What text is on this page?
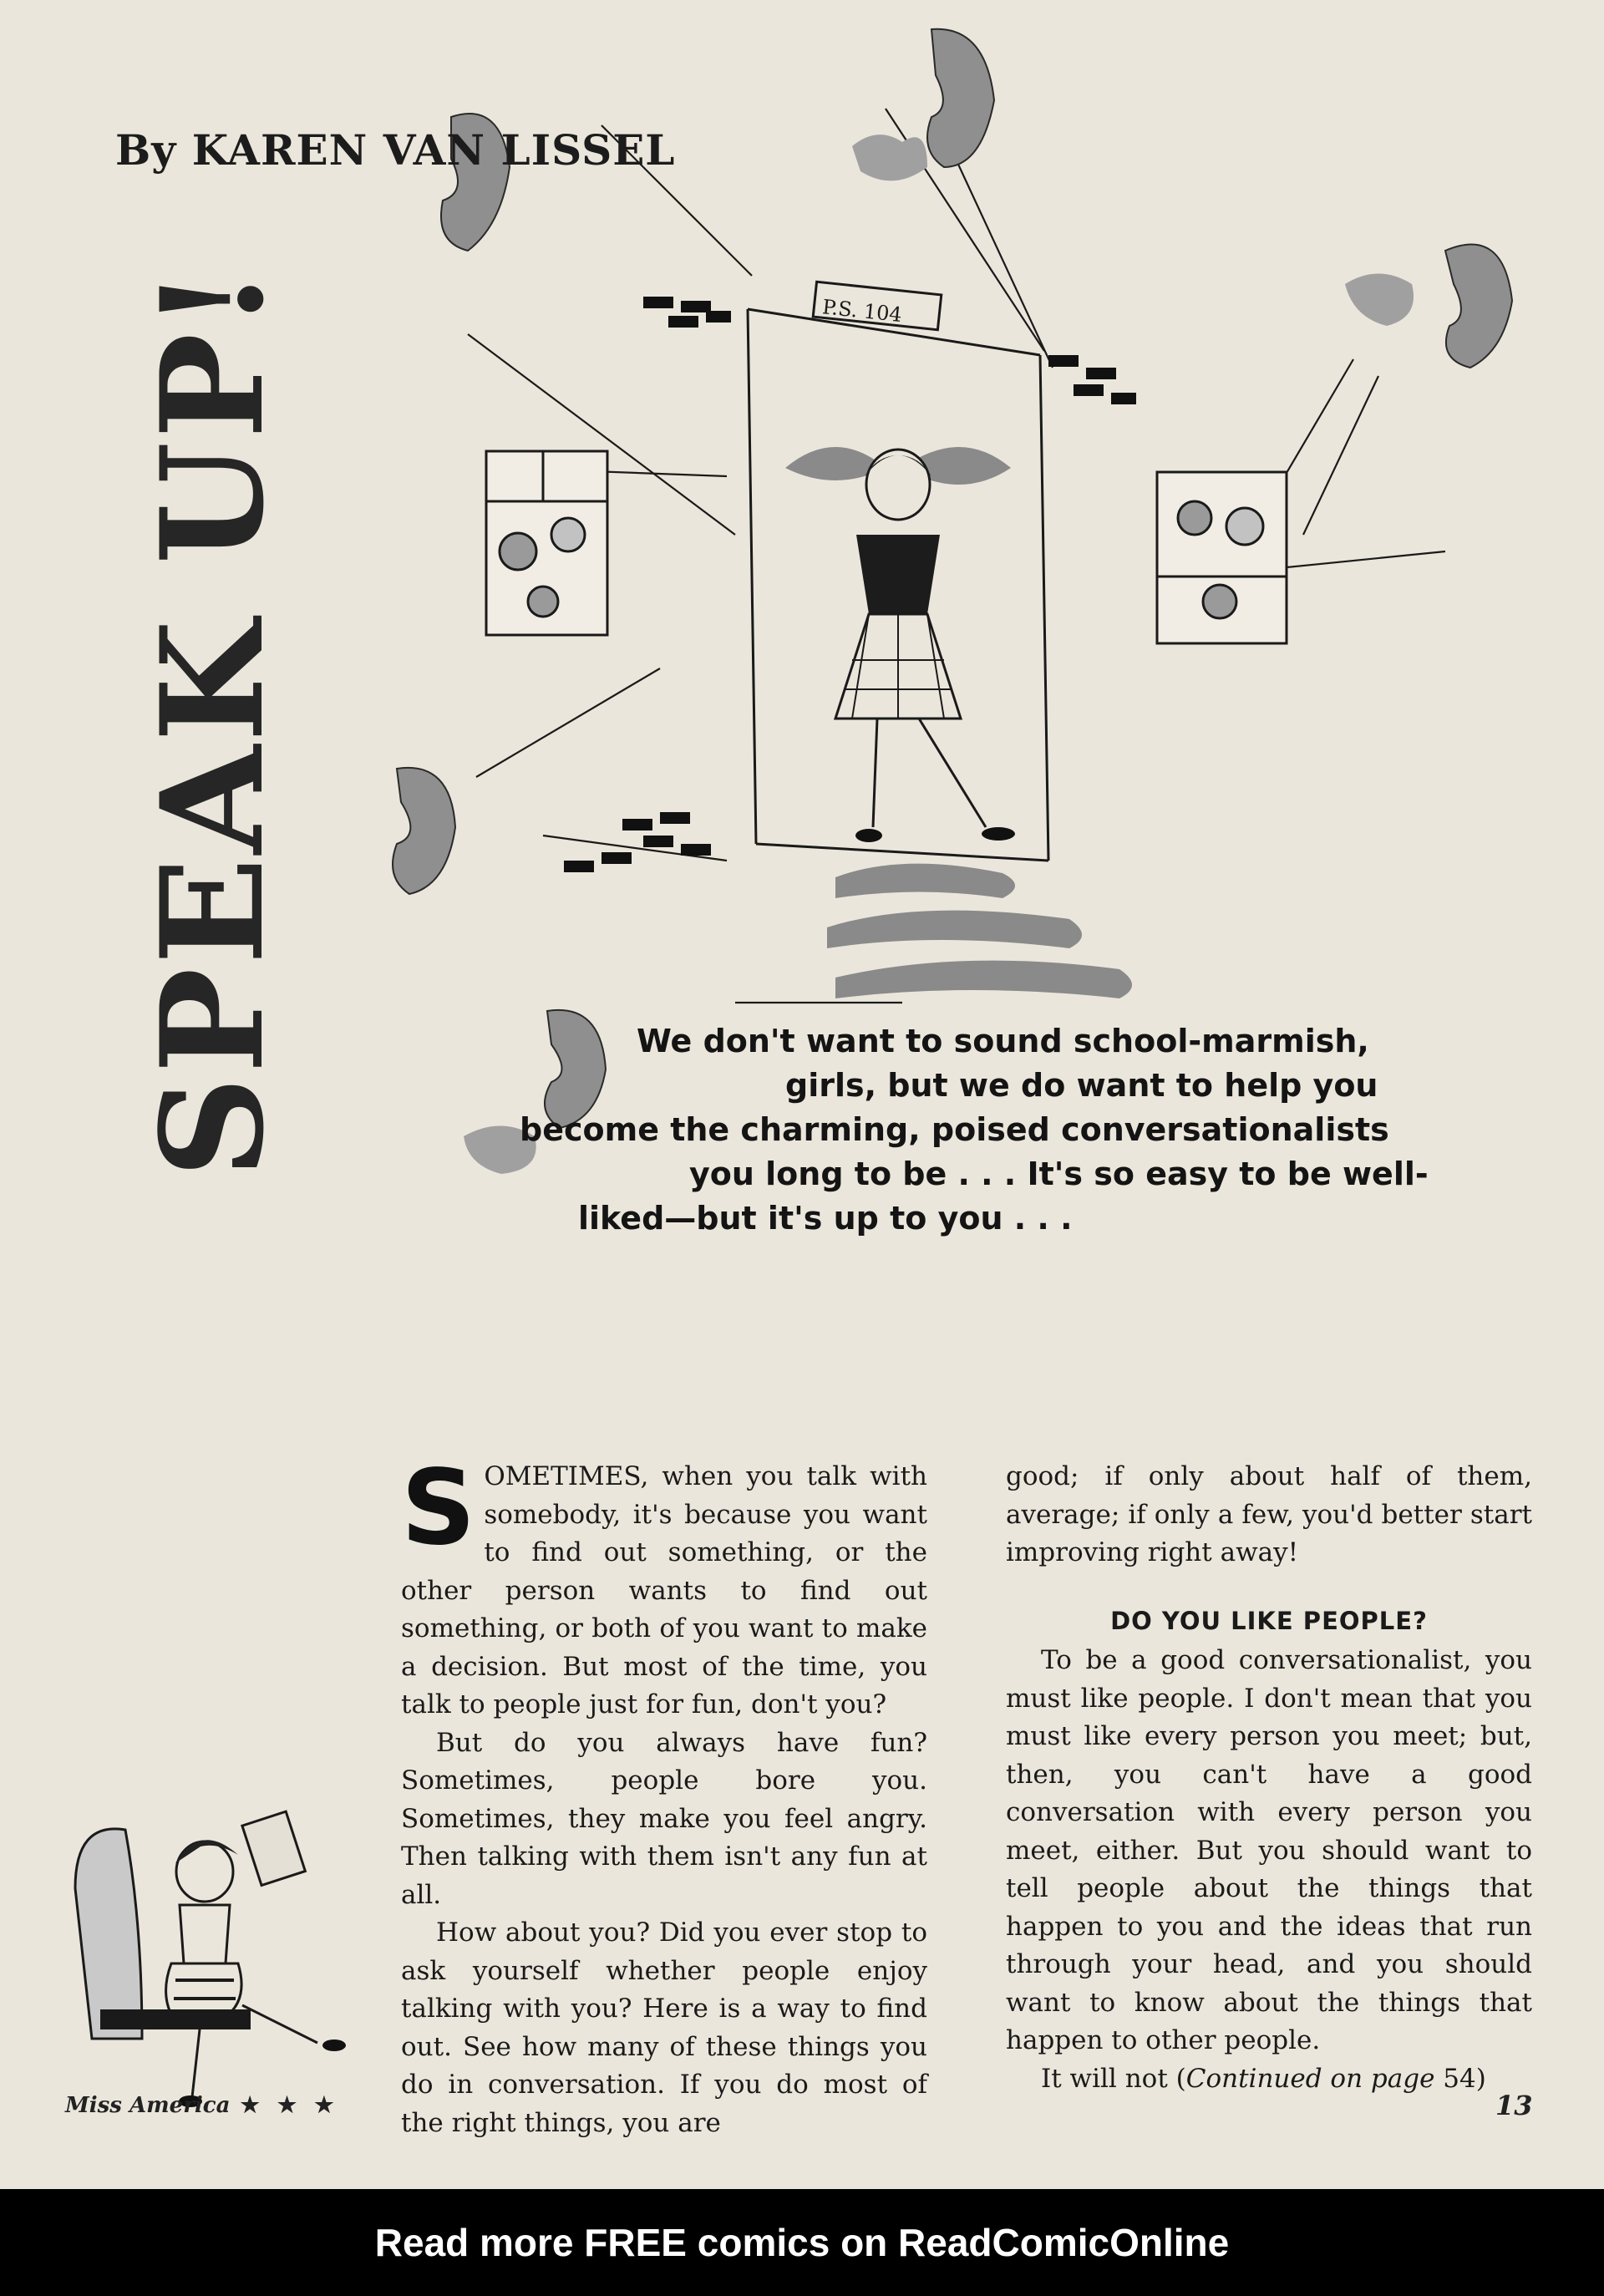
P.S. 104
By KAREN VAN LISSEL
SPEAK UP!	We don't want to sound school-marmish,
girls, but we do want to help you
become the charming, poised conversationalists
you long to be . . . It's so easy to be well-
liked—but it's up to you . . .

SOMETIMES, when you talk with somebody, it's because you want to find out something, or the other person wants to find out something, or both of you want to make a decision. But most of the time, you talk to people just for fun, don't you?

But do you always have fun? Sometimes, people bore you. Sometimes, they make you feel angry. Then talking with them isn't any fun at all.

How about you? Did you ever stop to ask yourself whether people enjoy talking with you? Here is a way to find out. See how many of these things you do in conversation. If you do most of the right things, you are

good; if only about half of them, average; if only a few, you'd better start improving right away!

DO YOU LIKE PEOPLE?

To be a good conversationalist, you must like people. I don't mean that you must like every person you meet; but, then, you can't have a good conversation with every person you meet, either. But you should want to tell people about the things that happen to you and the ideas that run through your head, and you should want to know about the things that happen to other people.

It will not (Continued on page 54)

Miss America ★ ★ ★	13
Read more FREE comics on ReadComicOnline
